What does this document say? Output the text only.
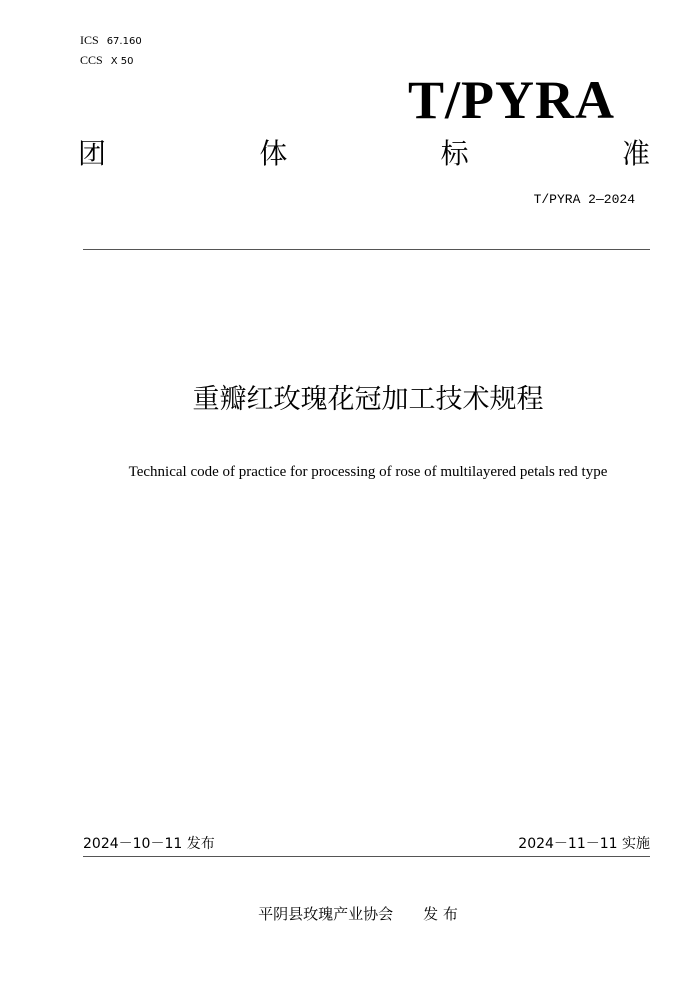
ICS 67.160
CCS X 50
T/PYRA
团	体	标	准
T/PYRA 2—2024
重瓣红玫瑰花冠加工技术规程
Technical code of practice for processing of rose of multilayered petals red type
2024－10－11 发布	2024－11－11 实施
平阴县玫瑰产业协会 发 布
